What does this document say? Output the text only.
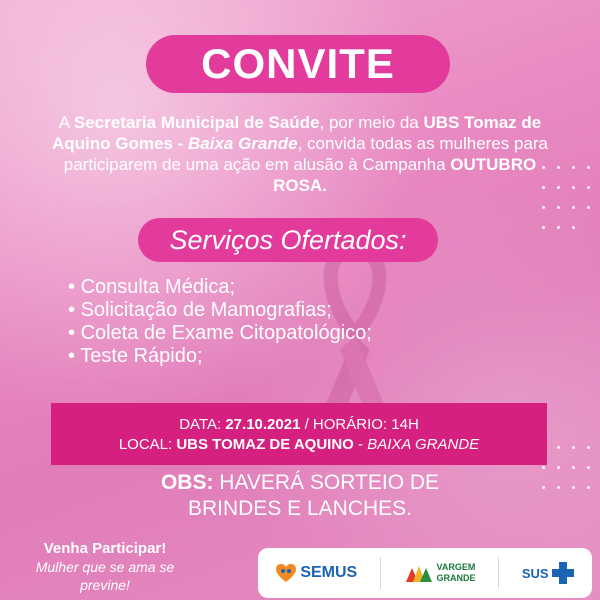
CONVITE

A Secretaria Municipal de Saúde, por meio da UBS Tomaz de Aquino Gomes - Baixa Grande, convida todas as mulheres para participarem de uma ação em alusão à Campanha OUTUBRO ROSA.

Serviços Ofertados:
• Consulta Médica;
• Solicitação de Mamografias;
• Coleta de Exame Citopatológico;
• Teste Rápido;
DATA: 27.10.2021 / HORÁRIO: 14H
LOCAL: UBS TOMAZ DE AQUINO - BAIXA GRANDE
OBS: HAVERÁ SORTEIO DE
BRINDES E LANCHES.
Venha Participar!
Mulher que se ama se
previne!
SEMUS	VARGEM
GRANDE	SUS
